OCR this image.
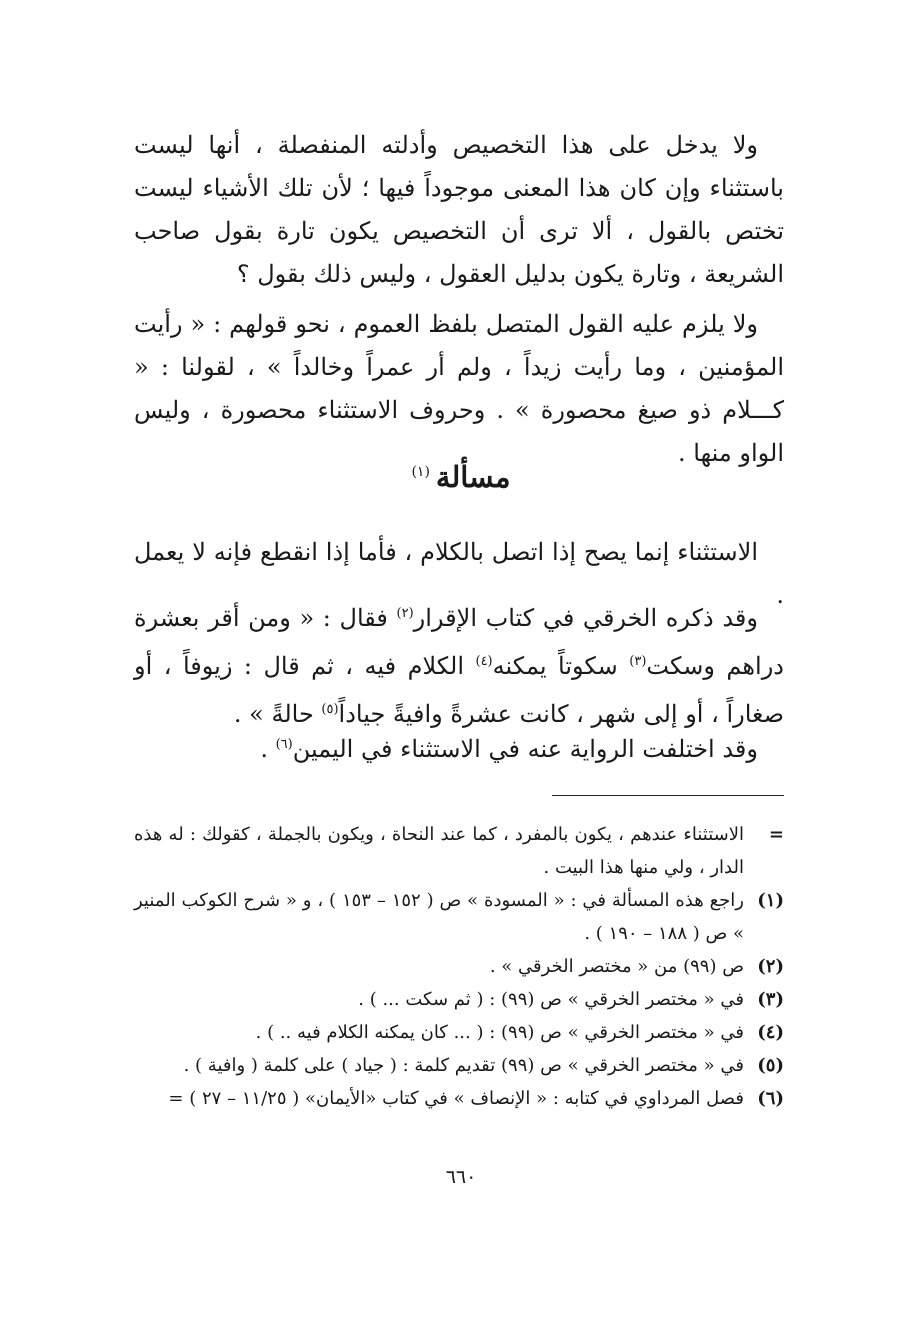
ولا يدخل على هذا التخصيص وأدلته المنفصلة ، أنها ليست باستثناء وإن كان هذا المعنى موجوداً فيها ؛ لأن تلك الأشياء ليست تختص بالقول ، ألا ترى أن التخصيص يكون تارة بقول صاحب الشريعة ، وتارة يكون بدليل العقول ، وليس ذلك بقول ؟

ولا يلزم عليه القول المتصل بلفظ العموم ، نحو قولهم : « رأيت المؤمنين ، وما رأيت زيداً ، ولم أر عمراً وخالداً » ، لقولنا : « كـــلام ذو صيغ محصورة » . وحروف الاستثناء محصورة ، وليس الواو منها .

مسألة$^{(١)}$

الاستثناء إنما يصح إذا اتصل بالكلام ، فأما إذا انقطع فإنه لا يعمل .

وقد ذكره الخرقي في كتاب الإقرار$^{(٢)}$ فقال : « ومن أقر بعشرة دراهم وسكت$^{(٣)}$ سكوتاً يمكنه$^{(٤)}$ الكلام فيه ، ثم قال : زيوفاً ، أو صغاراً ، أو إلى شهر ، كانت عشرةً وافيةً جياداً$^{(٥)}$ حالةً » .

وقد اختلفت الرواية عنه في الاستثناء في اليمين$^{(٦)}$ .

=
الاستثناء عندهم ، يكون بالمفرد ، كما عند النحاة ، ويكون بالجملة ، كقولك : له هذه الدار ، ولي منها هذا البيت .
(١)
راجع هذه المسألة في : « المسودة » ص ( ١٥٢ – ١٥٣ ) ، و « شرح الكوكب المنير » ص ( ١٨٨ – ١٩٠ ) .
(٢)
ص (٩٩) من « مختصر الخرقي » .
(٣)
في « مختصر الخرقي » ص (٩٩) : ( ثم سكت ... ) .
(٤)
في « مختصر الخرقي » ص (٩٩) : ( ... كان يمكنه الكلام فيه .. ) .
(٥)
في « مختصر الخرقي » ص (٩٩) تقديم كلمة : ( جياد ) على كلمة ( وافية ) .
(٦)
فصل المرداوي في كتابه : « الإنصاف » في كتاب «الأيمان» ( ١١/٢٥ – ٢٧ ) =
٦٦٠
